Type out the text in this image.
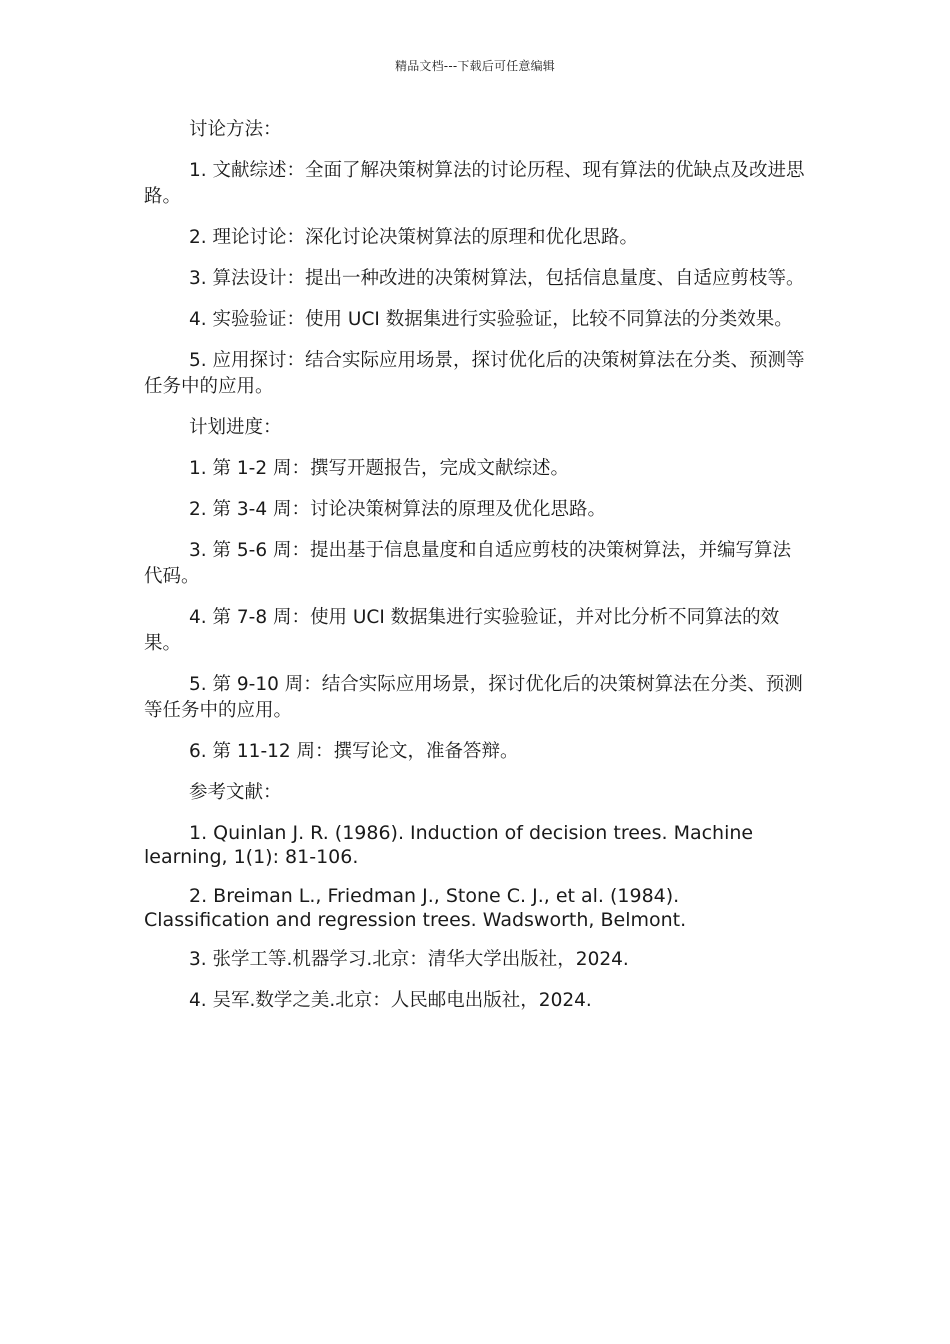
精品文档---下载后可任意编辑

讨论方法：

1. 文献综述：全面了解决策树算法的讨论历程、现有算法的优缺点及改进思路。

2. 理论讨论：深化讨论决策树算法的原理和优化思路。

3. 算法设计：提出一种改进的决策树算法，包括信息量度、自适应剪枝等。

4. 实验验证：使用 UCI 数据集进行实验验证，比较不同算法的分类效果。

5. 应用探讨：结合实际应用场景，探讨优化后的决策树算法在分类、预测等任务中的应用。

计划进度：

1. 第 1-2 周：撰写开题报告，完成文献综述。

2. 第 3-4 周：讨论决策树算法的原理及优化思路。

3. 第 5-6 周：提出基于信息量度和自适应剪枝的决策树算法，并编写算法代码。

4. 第 7-8 周：使用 UCI 数据集进行实验验证，并对比分析不同算法的效果。

5. 第 9-10 周：结合实际应用场景，探讨优化后的决策树算法在分类、预测等任务中的应用。

6. 第 11-12 周：撰写论文，准备答辩。

参考文献：

1. Quinlan J. R. (1986). Induction of decision trees. Machine learning, 1(1): 81-106.

2. Breiman L., Friedman J., Stone C. J., et al. (1984). Classification and regression trees. Wadsworth, Belmont.

3. 张学工等.机器学习.北京：清华大学出版社，2024.

4. 吴军.数学之美.北京：人民邮电出版社，2024.
